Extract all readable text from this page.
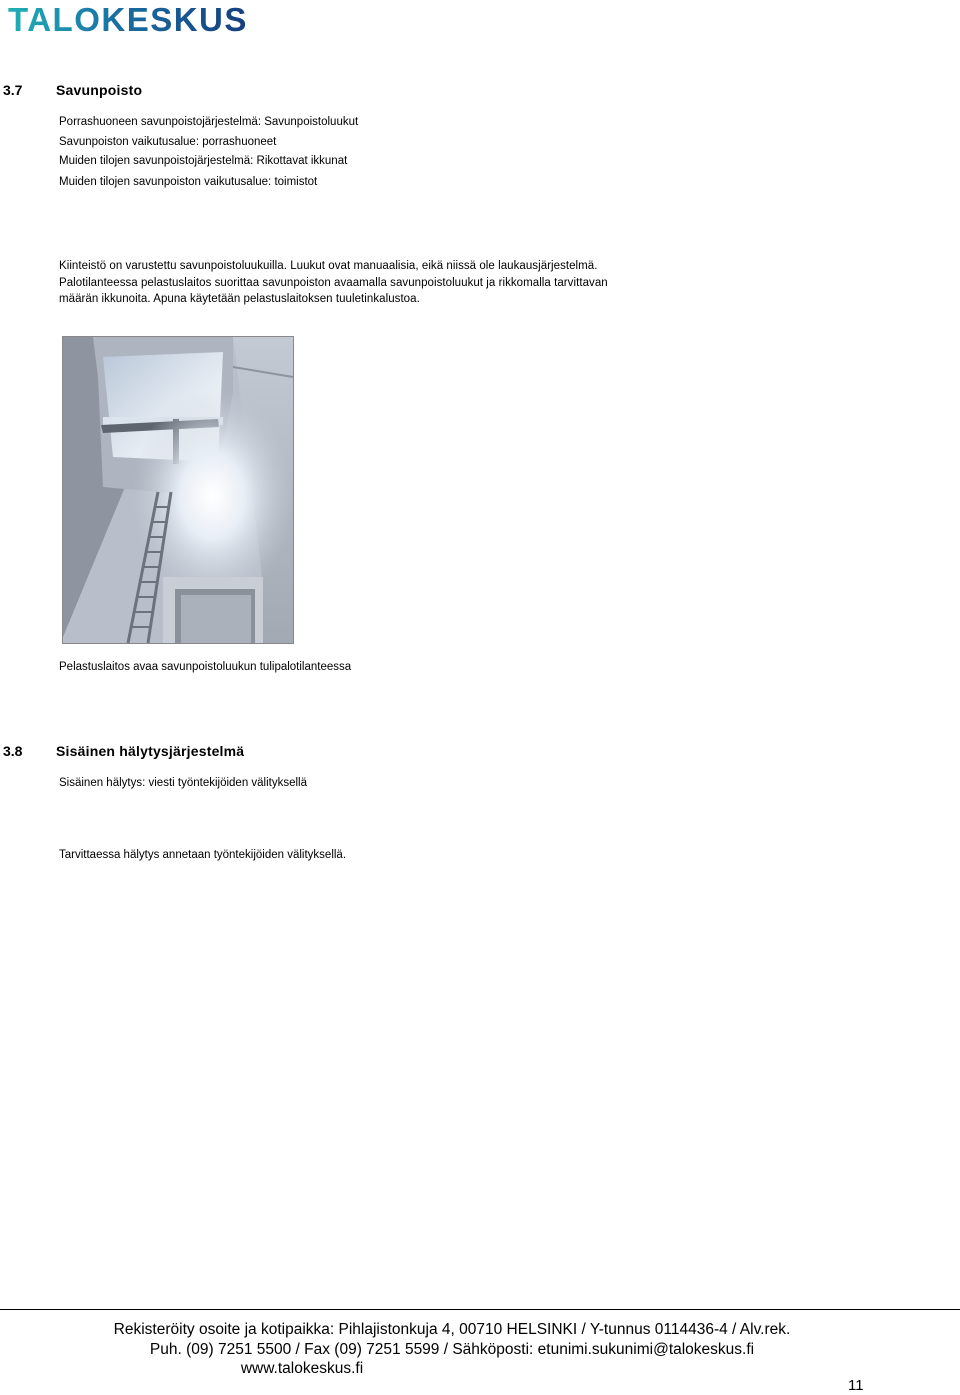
TALOKESKUS
3.7 Savunpoisto
Porrashuoneen savunpoistojärjestelmä: Savunpoistoluukut
Savunpoiston vaikutusalue: porrashuoneet
Muiden tilojen savunpoistojärjestelmä: Rikottavat ikkunat
Muiden tilojen savunpoiston vaikutusalue: toimistot
Kiinteistö on varustettu savunpoistoluukuilla. Luukut ovat manuaalisia, eikä niissä ole laukausjärjestelmä. Palotilanteessa pelastuslaitos suorittaa savunpoiston avaamalla savunpoistoluukut ja rikkomalla tarvittavan määrän ikkunoita. Apuna käytetään pelastuslaitoksen tuuletinkalustoa.
Pelastuslaitos avaa savunpoistoluukun tulipalotilanteessa
3.8 Sisäinen hälytysjärjestelmä
Sisäinen hälytys: viesti työntekijöiden välityksellä
Tarvittaessa hälytys annetaan työntekijöiden välityksellä.
Rekisteröity osoite ja kotipaikka: Pihlajistonkuja 4, 00710 HELSINKI / Y-tunnus 0114436-4 / Alv.rek.
Puh. (09) 7251 5500 / Fax (09) 7251 5599 / Sähköposti: etunimi.sukunimi@talokeskus.fi
www.talokeskus.fi
11
